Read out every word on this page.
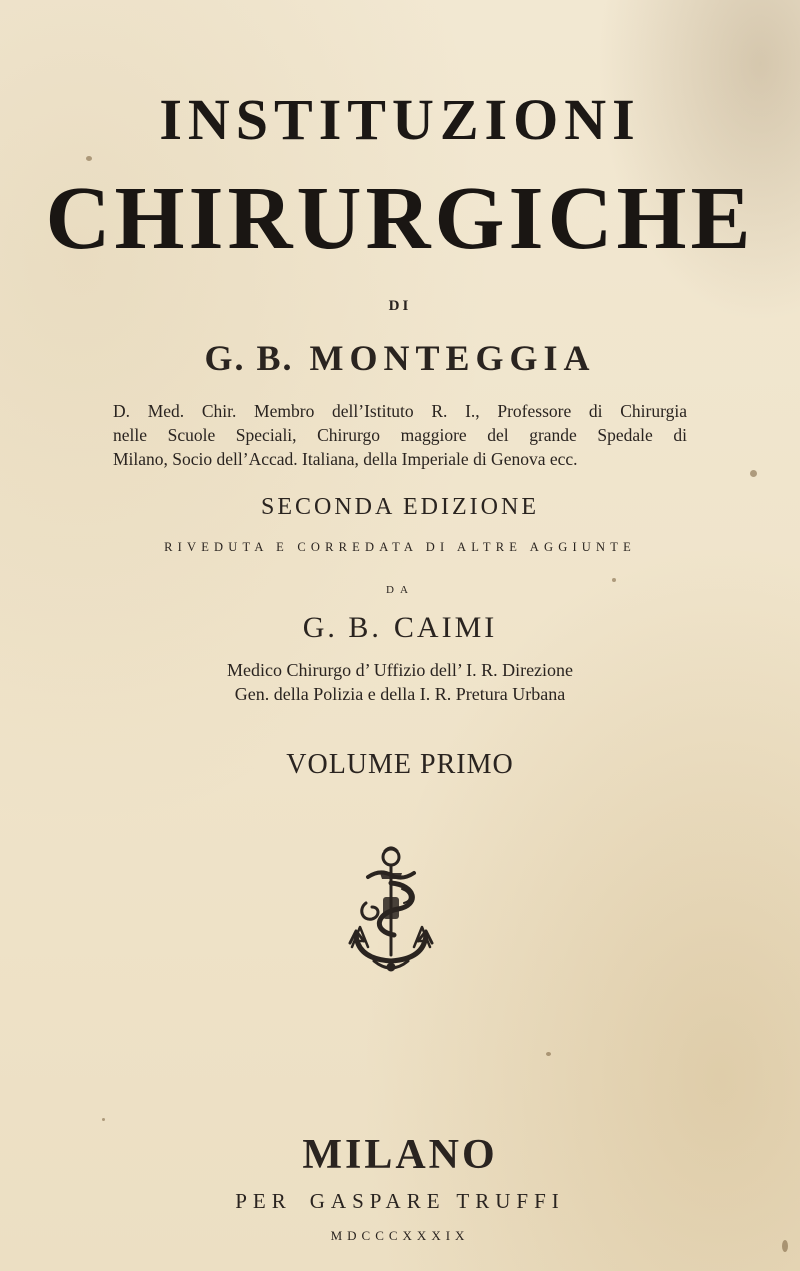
INSTITUZIONI
CHIRURGICHE
DI
G. B. MONTEGGIA
D. Med. Chir. Membro dell’Istituto R. I., Professore di Chirurgia
nelle Scuole Speciali, Chirurgo maggiore del grande Spedale di
Milano, Socio dell’Accad. Italiana, della Imperiale di Genova ecc.
SECONDA EDIZIONE
RIVEDUTA E CORREDATA DI ALTRE AGGIUNTE
DA
G. B. CAIMI
Medico Chirurgo d’ Uffizio dell’ I. R. Direzione
Gen. della Polizia e della I. R. Pretura Urbana
VOLUME PRIMO
MILANO
PER GASPARE TRUFFI
MDCCCXXXIX
